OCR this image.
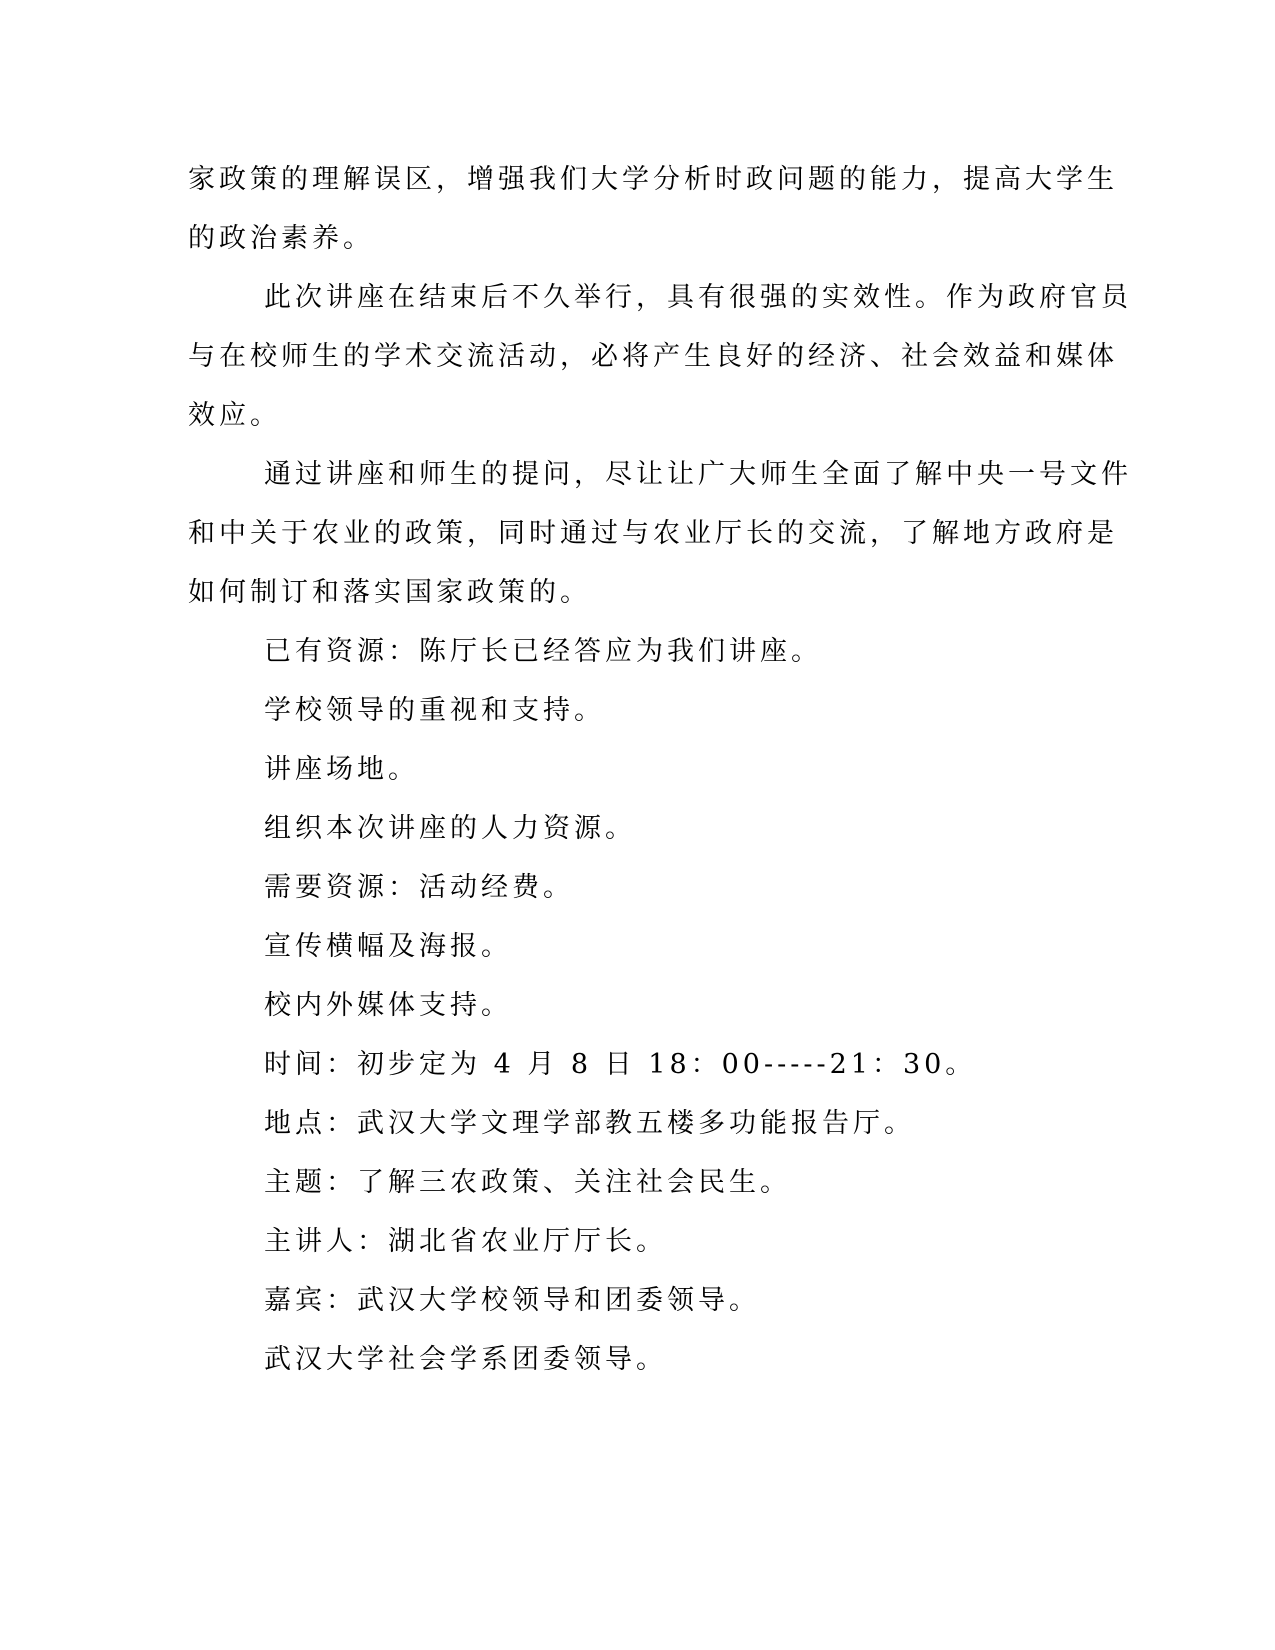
家政策的理解误区，增强我们大学分析时政问题的能力，提高大学生

的政治素养。

此次讲座在结束后不久举行，具有很强的实效性。作为政府官员

与在校师生的学术交流活动，必将产生良好的经济、社会效益和媒体

效应。

通过讲座和师生的提问，尽让让广大师生全面了解中央一号文件

和中关于农业的政策，同时通过与农业厅长的交流，了解地方政府是

如何制订和落实国家政策的。

已有资源：陈厅长已经答应为我们讲座。

学校领导的重视和支持。

讲座场地。

组织本次讲座的人力资源。

需要资源：活动经费。

宣传横幅及海报。

校内外媒体支持。

时间：初步定为 4 月 8 日 18：00-----21：30。

地点：武汉大学文理学部教五楼多功能报告厅。

主题：了解三农政策、关注社会民生。

主讲人：湖北省农业厅厅长。

嘉宾：武汉大学校领导和团委领导。

武汉大学社会学系团委领导。
